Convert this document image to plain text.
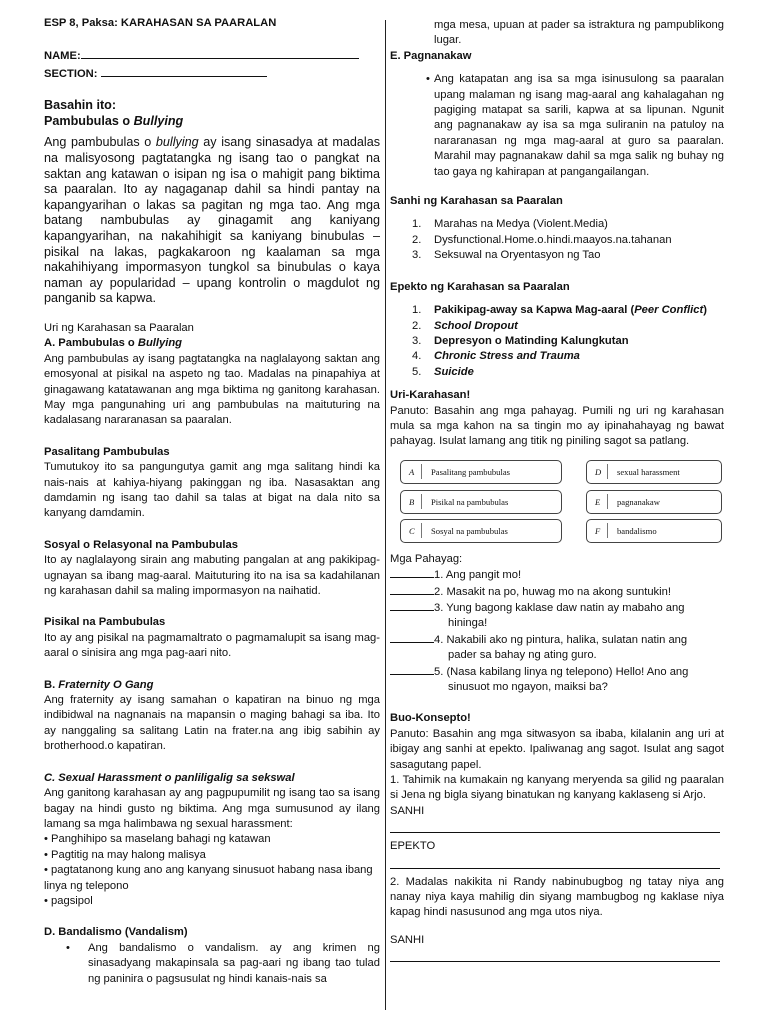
ESP 8, Paksa: KARAHASAN SA PAARALAN

NAME:

SECTION:

Basahin ito:

Pambubulas o Bullying

Ang pambubulas o bullying ay isang sinasadya at madalas na malisyosong pagtatangka ng isang tao o pangkat na saktan ang katawan o isipan ng isa o mahigit pang biktima sa paaralan. Ito ay nagaganap dahil sa hindi pantay na kapangyarihan o lakas sa pagitan ng mga tao. Ang mga batang nambubulas ay ginagamit ang kaniyang kapangyarihan, na nakahihigit sa kaniyang binubulas – pisikal na lakas, pagkakaroon ng kaalaman sa mga nakahihiyang impormasyon tungkol sa binubulas o kaya naman ay popularidad – upang kontrolin o magdulot ng panganib sa kapwa.

Uri ng Karahasan sa Paaralan

A. Pambubulas o Bullying

Ang pambubulas ay isang pagtatangka na naglalayong saktan ang emosyonal at pisikal na aspeto ng tao. Madalas na pinapahiya at ginagawang katatawanan ang mga biktima ng ganitong karahasan. May mga pangunahing uri ang pambubulas na maituturing na kadalasang nararanasan sa paaralan.

Pasalitang Pambubulas

Tumutukoy ito sa pangungutya gamit ang mga salitang hindi ka nais-nais at kahiya-hiyang pakinggan ng iba. Nasasaktan ang damdamin ng isang tao dahil sa talas at bigat na dala nito sa kanyang damdamin.

Sosyal o Relasyonal na Pambubulas

Ito ay naglalayong sirain ang mabuting pangalan at ang pakikipag-ugnayan sa ibang mag-aaral. Maituturing ito na isa sa kadahilanan ng karahasan dahil sa maling impormasyon na naihatid.

Pisikal na Pambubulas

Ito ay ang pisikal na pagmamaltrato o pagmamalupit sa isang mag-aaral o sinisira ang mga pag-aari nito.

B. Fraternity O Gang

Ang fraternity ay isang samahan o kapatiran na binuo ng mga indibidwal na nagnanais na mapansin o maging bahagi sa iba. Ito ay nanggaling sa salitang Latin na frater.na ang ibig sabihin ay brotherhood.o kapatiran.

C. Sexual Harassment o panliligalig sa sekswal

Ang ganitong karahasan ay ang pagpupumilit ng isang tao sa isang bagay na hindi gusto ng biktima. Ang mga sumusunod ay ilang lamang sa mga halimbawa ng sexual harassment:

• Panghihipo sa maselang bahagi ng katawan

• Pagtitig na may halong malisya

• pagtatanong kung ano ang kanyang sinusuot habang nasa ibang linya ng telepono

• pagsipol

D. Bandalismo (Vandalism)

• Ang bandalismo o vandalism. ay ang krimen ng sinasadyang makapinsala sa pag-aari ng ibang tao tulad ng paninira o pagsusulat ng hindi kanais-nais sa

mga mesa, upuan at pader sa istraktura ng pampublikong lugar.

E. Pagnanakaw

• Ang katapatan ang isa sa mga isinusulong sa paaralan upang malaman ng isang mag-aaral ang kahalagahan ng pagiging matapat sa sarili, kapwa at sa lipunan. Ngunit ang pagnanakaw ay isa sa mga suliranin na patuloy na nararanasan ng mga mag-aaral at guro sa paaralan. Marahil may pagnanakaw dahil sa mga salik ng buhay ng tao gaya ng kahirapan at pangangailangan.

Sanhi ng Karahasan sa Paaralan

1. Marahas na Medya (Violent.Media)
2. Dysfunctional.Home.o.hindi.maayos.na.tahanan
3. Seksuwal na Oryentasyon ng Tao

Epekto ng Karahasan sa Paaralan

1. Pakikipag-away sa Kapwa Mag-aaral (Peer Conflict)
2. School Dropout
3. Depresyon o Matinding Kalungkutan
4. Chronic Stress and Trauma
5. Suicide

Uri-Karahasan!

Panuto: Basahin ang mga pahayag. Pumili ng uri ng karahasan mula sa mga kahon na sa tingin mo ay ipinahahayag ng bawat pahayag. Isulat lamang ang titik ng piniling sagot sa patlang.

A Pasalitang pambubulas
B Pisikal na pambubulas
C Sosyal na pambubulas
D sexual harassment
E pagnanakaw
F bandalismo

Mga Pahayag:

1. Ang pangit mo!

2. Masakit na po, huwag mo na akong suntukin!

3. Yung bagong kaklase daw natin ay mabaho ang

hininga!

4. Nakabili ako ng pintura, halika, sulatan natin ang

pader sa bahay ng ating guro.

5. (Nasa kabilang linya ng telepono) Hello! Ano ang

sinusuot mo ngayon, maiksi ba?

Buo-Konsepto!

Panuto: Basahin ang mga sitwasyon sa ibaba, kilalanin ang uri at ibigay ang sanhi at epekto. Ipaliwanag ang sagot. Isulat ang sagot sasagutang papel.

1. Tahimik na kumakain ng kanyang meryenda sa gilid ng paaralan si Jena ng bigla siyang binatukan ng kanyang kaklaseng si Arjo.

SANHI

EPEKTO

2. Madalas nakikita ni Randy nabinubugbog ng tatay niya ang nanay niya kaya mahilig din siyang mambugbog ng kaklase niya kapag hindi nasusunod ang mga utos niya.

SANHI
